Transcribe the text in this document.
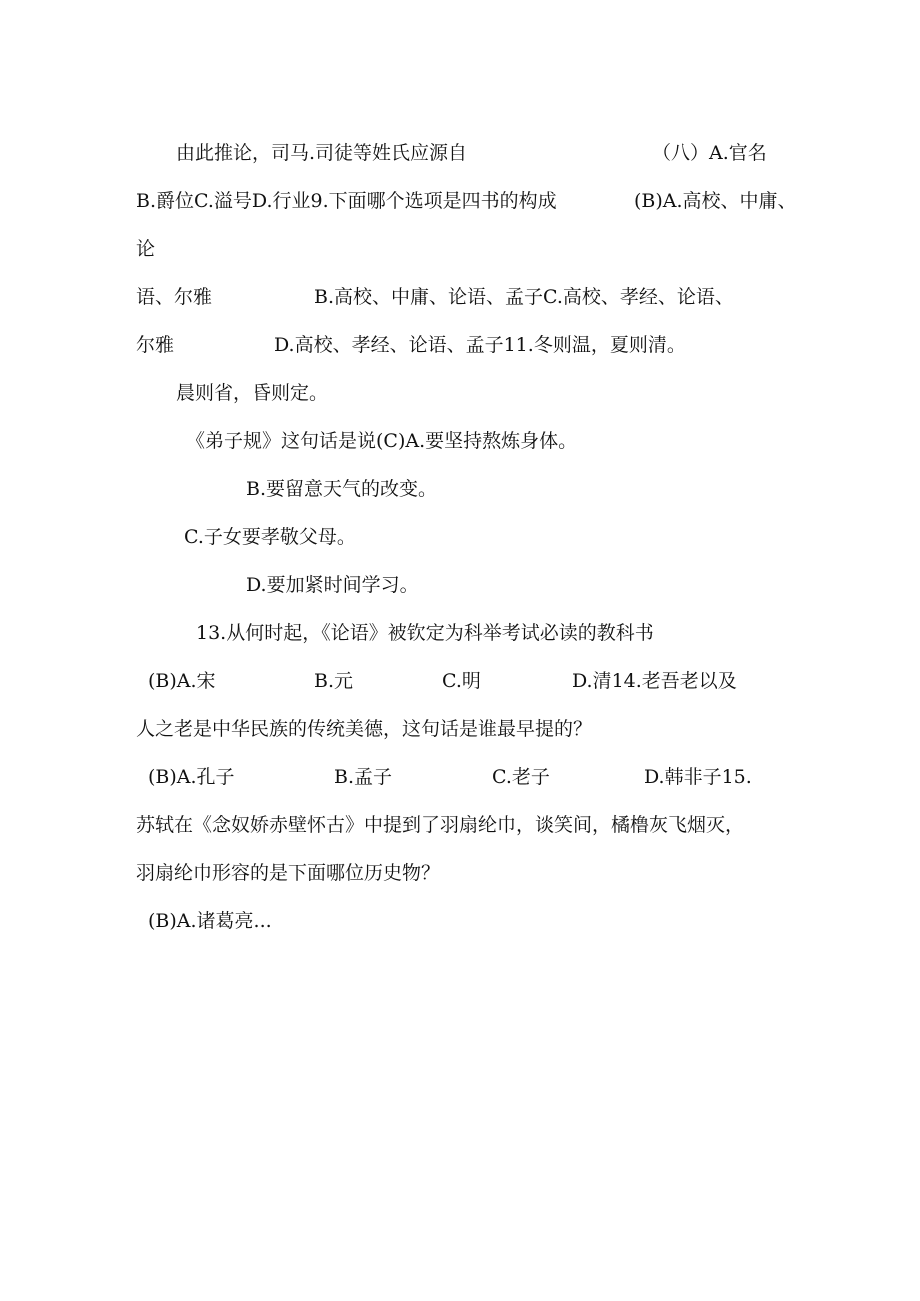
由此推论，司马.司徒等姓氏应源自	（八）A.官名
B.爵位C.溢号D.行业9.下面哪个选项是四书的构成	(B)A.高校、中庸、
论
语、尔雅	B.高校、中庸、论语、孟子C.高校、孝经、论语、
尔雅	D.高校、孝经、论语、孟子11.冬则温，夏则清。
晨则省，昏则定。
《弟子规》这句话是说(C)A.要坚持熬炼身体。
B.要留意天气的改变。
C.子女要孝敬父母。
D.要加紧时间学习。
13.从何时起，《论语》被钦定为科举考试必读的教科书
(B)A.宋	B.元	C.明	D.清14.老吾老以及
人之老是中华民族的传统美德，这句话是谁最早提的？
(B)A.孔子	B.孟子	C.老子	D.韩非子15.
苏轼在《念奴娇赤壁怀古》中提到了羽扇纶巾，谈笑间，橘橹灰飞烟灭，
羽扇纶巾形容的是下面哪位历史物？
(B)A.诸葛亮...
